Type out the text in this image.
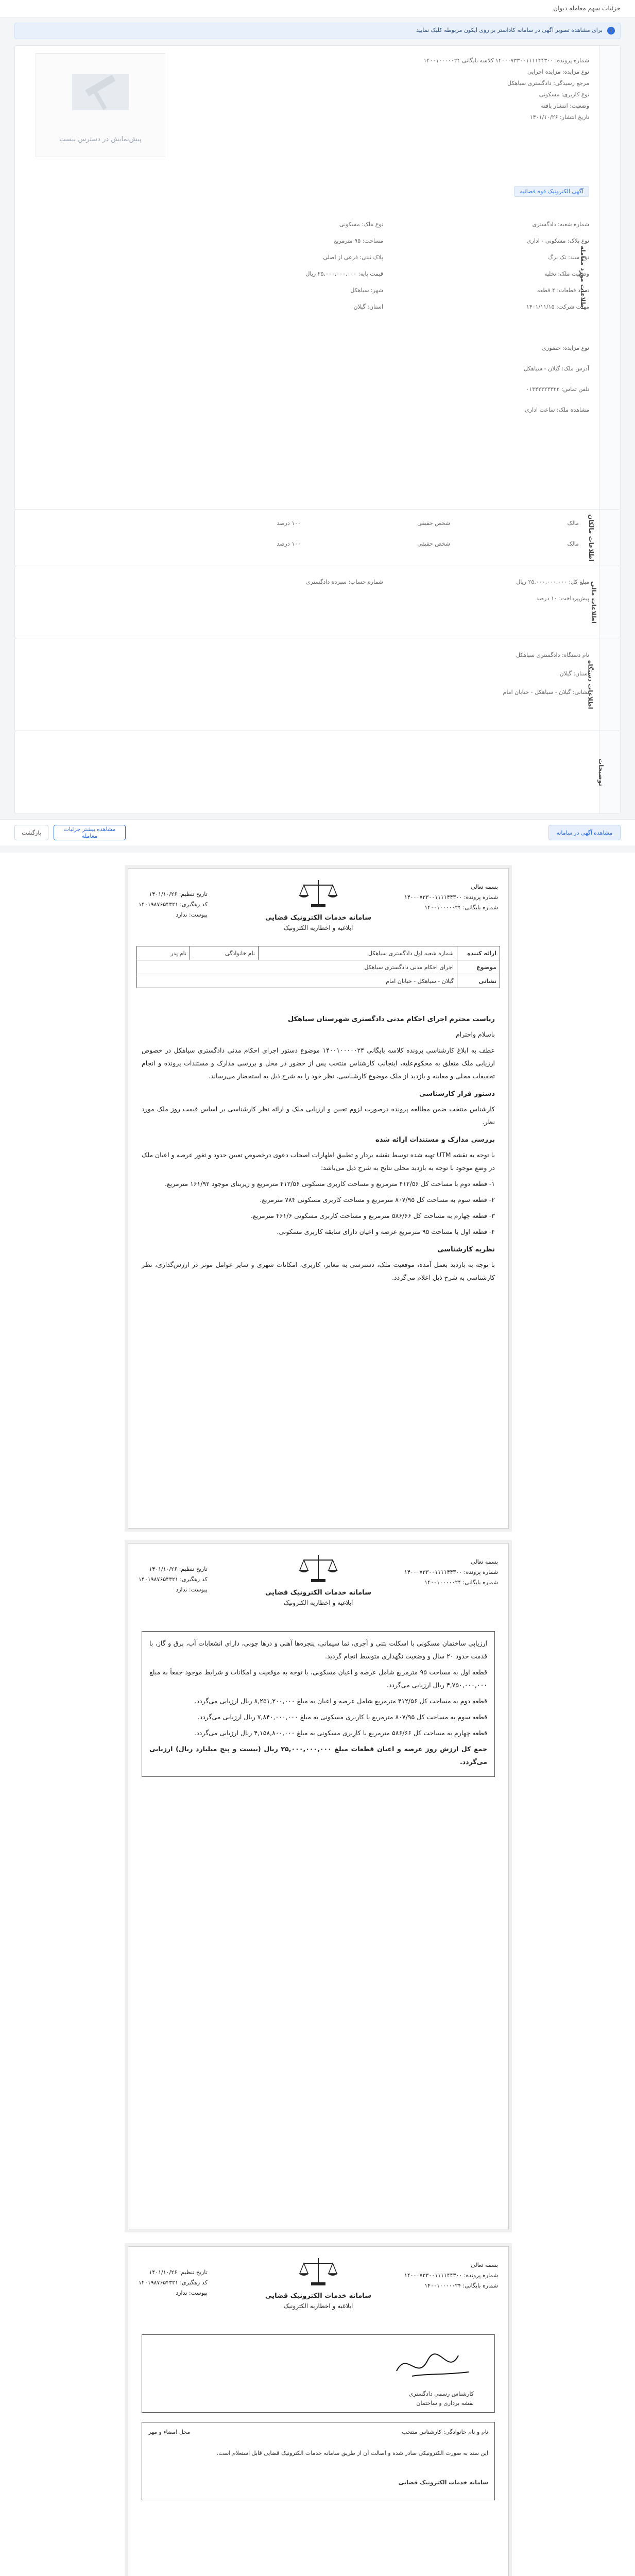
جزئیات سهم معامله دیوان
i
برای مشاهده تصویر آگهی در سامانه کاداستر بر روی آیکون مربوطه کلیک نمایید
اطلاعات مورد معامله
پیش‌نمایش در دسترس نیست
شماره پرونده: ۱۴۰۰۰۷۳۳۰۰۱۱۱۱۴۴۳۰۰ کلاسه بایگانی ۱۴۰۰۱۰۰۰۰۰۲۴
نوع مزایده: مزایده اجرایی
مرجع رسیدگی: دادگستری سیاهکل
نوع کاربری: مسکونی
وضعیت: انتشار یافته
تاریخ انتشار: ۱۴۰۱/۱۰/۲۶
آگهی الکترونیک قوه قضائیه
شماره شعبه: دادگستری
نوع پلاک: مسکونی - اداری
نوع سند: تک برگ
وضعیت ملک: تخلیه
تعداد قطعات: ۴ قطعه
مهلت شرکت: ۱۴۰۱/۱۱/۱۵
نوع ملک: مسکونی
مساحت: ۹۵ مترمربع
پلاک ثبتی: فرعی از اصلی
قیمت پایه: ۲۵,۰۰۰,۰۰۰,۰۰۰ ریال
شهر: سیاهکل
استان: گیلان
نوع مزایده: حضوری
آدرس ملک: گیلان - سیاهکل
تلفن تماس: ۰۱۳۴۲۳۲۳۳۲۲
مشاهده ملک: ساعت اداری
اطلاعات مالکان
مالک
شخص حقیقی
۱۰۰ درصد
مالک
شخص حقیقی
۱۰۰ درصد
اطلاعات مالی
مبلغ کل: ۲۵,۰۰۰,۰۰۰,۰۰۰ ریال
پیش‌پرداخت: ۱۰ درصد
شماره حساب: سپرده دادگستری
اطلاعات دستگاه
نام دستگاه: دادگستری سیاهکل
استان: گیلان
نشانی: گیلان - سیاهکل - خیابان امام
توضیحات
مشاهده آگهی در سامانه
مشاهده بیشتر جزئیات معامله
بازگشت
بسمه تعالی
شماره پرونده: ۱۴۰۰۰۷۳۳۰۰۱۱۱۱۴۴۳۰۰
شماره بایگانی: ۱۴۰۰۱۰۰۰۰۰۲۴
تاریخ تنظیم: ۱۴۰۱/۱۰/۲۶
کد رهگیری: ۱۴۰۱۹۸۷۶۵۴۳۲۱
پیوست: ندارد	سامانه خدمات الکترونیک قضایی
ابلاغیه و اخطاریه الکترونیک
ارائه کننده	شماره شعبه اول دادگستری سیاهکل	نام خانوادگی	نام پدر
موضوع	اجرای احکام مدنی دادگستری سیاهکل		
نشانی	گیلان - سیاهکل - خیابان امام		
ریاست محترم اجرای احکام مدنی دادگستری شهرستان سیاهکل

باسلام واحترام

عطف به ابلاغ کارشناسی پرونده کلاسه بایگانی ۱۴۰۰۱۰۰۰۰۰۲۴ موضوع دستور اجرای احکام مدنی دادگستری سیاهکل در خصوص ارزیابی ملک متعلق به محکوم‌علیه، اینجانب کارشناس منتخب پس از حضور در محل و بررسی مدارک و مستندات پرونده و انجام تحقیقات محلی و معاینه و بازدید از ملک موضوع کارشناسی، نظر خود را به شرح ذیل به استحضار می‌رساند.

دستور قرار کارشناسی

کارشناس منتخب ضمن مطالعه پرونده درصورت لزوم تعیین و ارزیابی ملک و ارائه نظر کارشناسی بر اساس قیمت روز ملک مورد نظر.

بررسی مدارک و مستندات ارائه شده

با توجه به نقشه UTM تهیه شده توسط نقشه بردار و تطبیق اظهارات اصحاب دعوی درخصوص تعیین حدود و ثغور عرصه و اعیان ملک در وضع موجود با توجه به بازدید محلی نتایج به شرح ذیل می‌باشد:

۱- قطعه دوم با مساحت کل ۴۱۲/۵۶ مترمربع و مساحت کاربری مسکونی ۴۱۲/۵۶ مترمربع و زیربنای موجود ۱۶۱/۹۲ مترمربع.

۲- قطعه سوم به مساحت کل ۸۰۷/۹۵ مترمربع و مساحت کاربری مسکونی ۷۸۴ مترمربع.

۳- قطعه چهارم به مساحت کل ۵۸۶/۶۶ مترمربع و مساحت کاربری مسکونی ۴۶۱/۶ مترمربع.

۴- قطعه اول با مساحت ۹۵ مترمربع عرصه و اعیان دارای سابقه کاربری مسکونی.

نظریه کارشناسی

با توجه به بازدید بعمل آمده، موقعیت ملک، دسترسی به معابر، کاربری، امکانات شهری و سایر عوامل موثر در ارزش‌گذاری، نظر کارشناسی به شرح ذیل اعلام می‌گردد.

بسمه تعالی
شماره پرونده: ۱۴۰۰۰۷۳۳۰۰۱۱۱۱۴۴۳۰۰
شماره بایگانی: ۱۴۰۰۱۰۰۰۰۰۲۴
تاریخ تنظیم: ۱۴۰۱/۱۰/۲۶
کد رهگیری: ۱۴۰۱۹۸۷۶۵۴۳۲۱
پیوست: ندارد	سامانه خدمات الکترونیک قضایی
ابلاغیه و اخطاریه الکترونیک

ارزیابی ساختمان مسکونی با اسکلت بتنی و آجری، نما سیمانی، پنجره‌ها آهنی و درها چوبی، دارای انشعابات آب، برق و گاز، با قدمت حدود ۲۰ سال و وضعیت نگهداری متوسط انجام گردید.

قطعه اول به مساحت ۹۵ مترمربع شامل عرصه و اعیان مسکونی، با توجه به موقعیت و امکانات و شرایط موجود جمعاً به مبلغ ۴,۷۵۰,۰۰۰,۰۰۰ ریال ارزیابی می‌گردد.

قطعه دوم به مساحت کل ۴۱۲/۵۶ مترمربع شامل عرصه و اعیان به مبلغ ۸,۲۵۱,۲۰۰,۰۰۰ ریال ارزیابی می‌گردد.

قطعه سوم به مساحت کل ۸۰۷/۹۵ مترمربع با کاربری مسکونی به مبلغ ۷,۸۴۰,۰۰۰,۰۰۰ ریال ارزیابی می‌گردد.

قطعه چهارم به مساحت کل ۵۸۶/۶۶ مترمربع با کاربری مسکونی به مبلغ ۴,۱۵۸,۸۰۰,۰۰۰ ریال ارزیابی می‌گردد.

جمع کل ارزش روز عرصه و اعیان قطعات مبلغ ۲۵,۰۰۰,۰۰۰,۰۰۰ ریال (بیست و پنج میلیارد ریال) ارزیابی می‌گردد.

بسمه تعالی
شماره پرونده: ۱۴۰۰۰۷۳۳۰۰۱۱۱۱۴۴۳۰۰
شماره بایگانی: ۱۴۰۰۱۰۰۰۰۰۲۴
تاریخ تنظیم: ۱۴۰۱/۱۰/۲۶
کد رهگیری: ۱۴۰۱۹۸۷۶۵۴۳۲۱
پیوست: ندارد	سامانه خدمات الکترونیک قضایی
ابلاغیه و اخطاریه الکترونیک
کارشناس رسمی دادگستری
نقشه برداری و ساختمان
نام و نام خانوادگی: کارشناس منتخب
محل امضاء و مهر
این سند به صورت الکترونیکی صادر شده و اصالت آن از طریق سامانه خدمات الکترونیک قضایی قابل استعلام است.
سامانه خدمات الکترونیک قضایی
